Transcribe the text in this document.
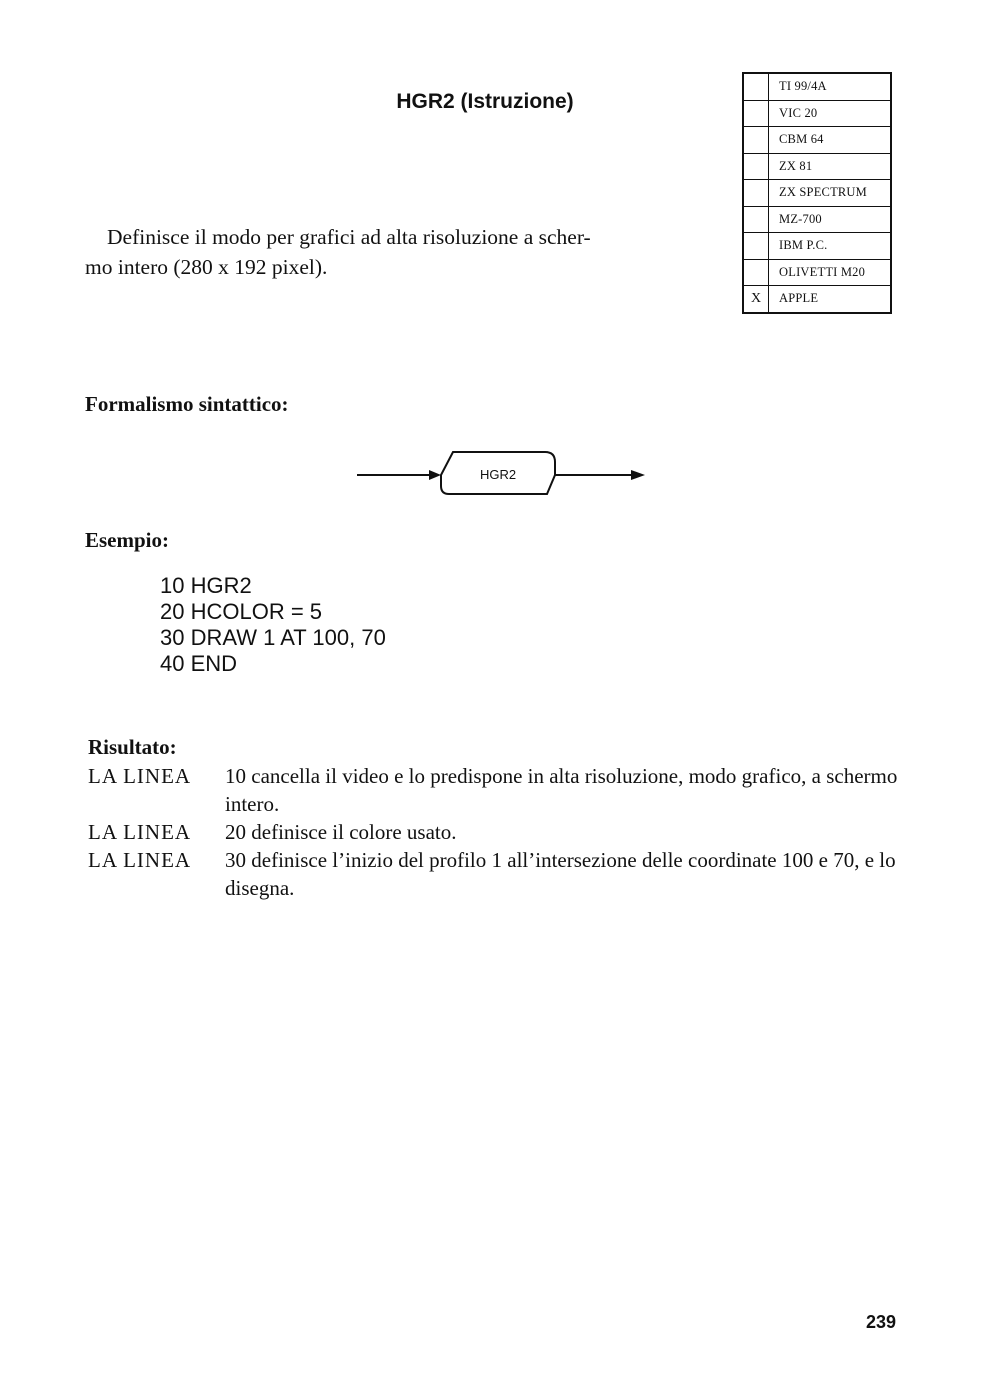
HGR2 (Istruzione)
	TI 99/4A
	VIC 20
	CBM 64
	ZX 81
	ZX SPECTRUM
	MZ-700
	IBM P.C.
	OLIVETTI M20
X	APPLE
Definisce il modo per grafici ad alta risoluzione a scher-
mo intero (280 x 192 pixel).
Formalismo sintattico:
HGR2
Esempio:
10 HGR2
20 HCOLOR = 5
30 DRAW 1 AT 100, 70
40 END
Risultato:
LA LINEA	10 cancella il video e lo predispone in alta risoluzione, modo grafico, a schermo intero.
LA LINEA	20 definisce il colore usato.
LA LINEA	30 definisce l’inizio del profilo 1 all’intersezione delle coordinate 100 e 70, e lo disegna.
239
